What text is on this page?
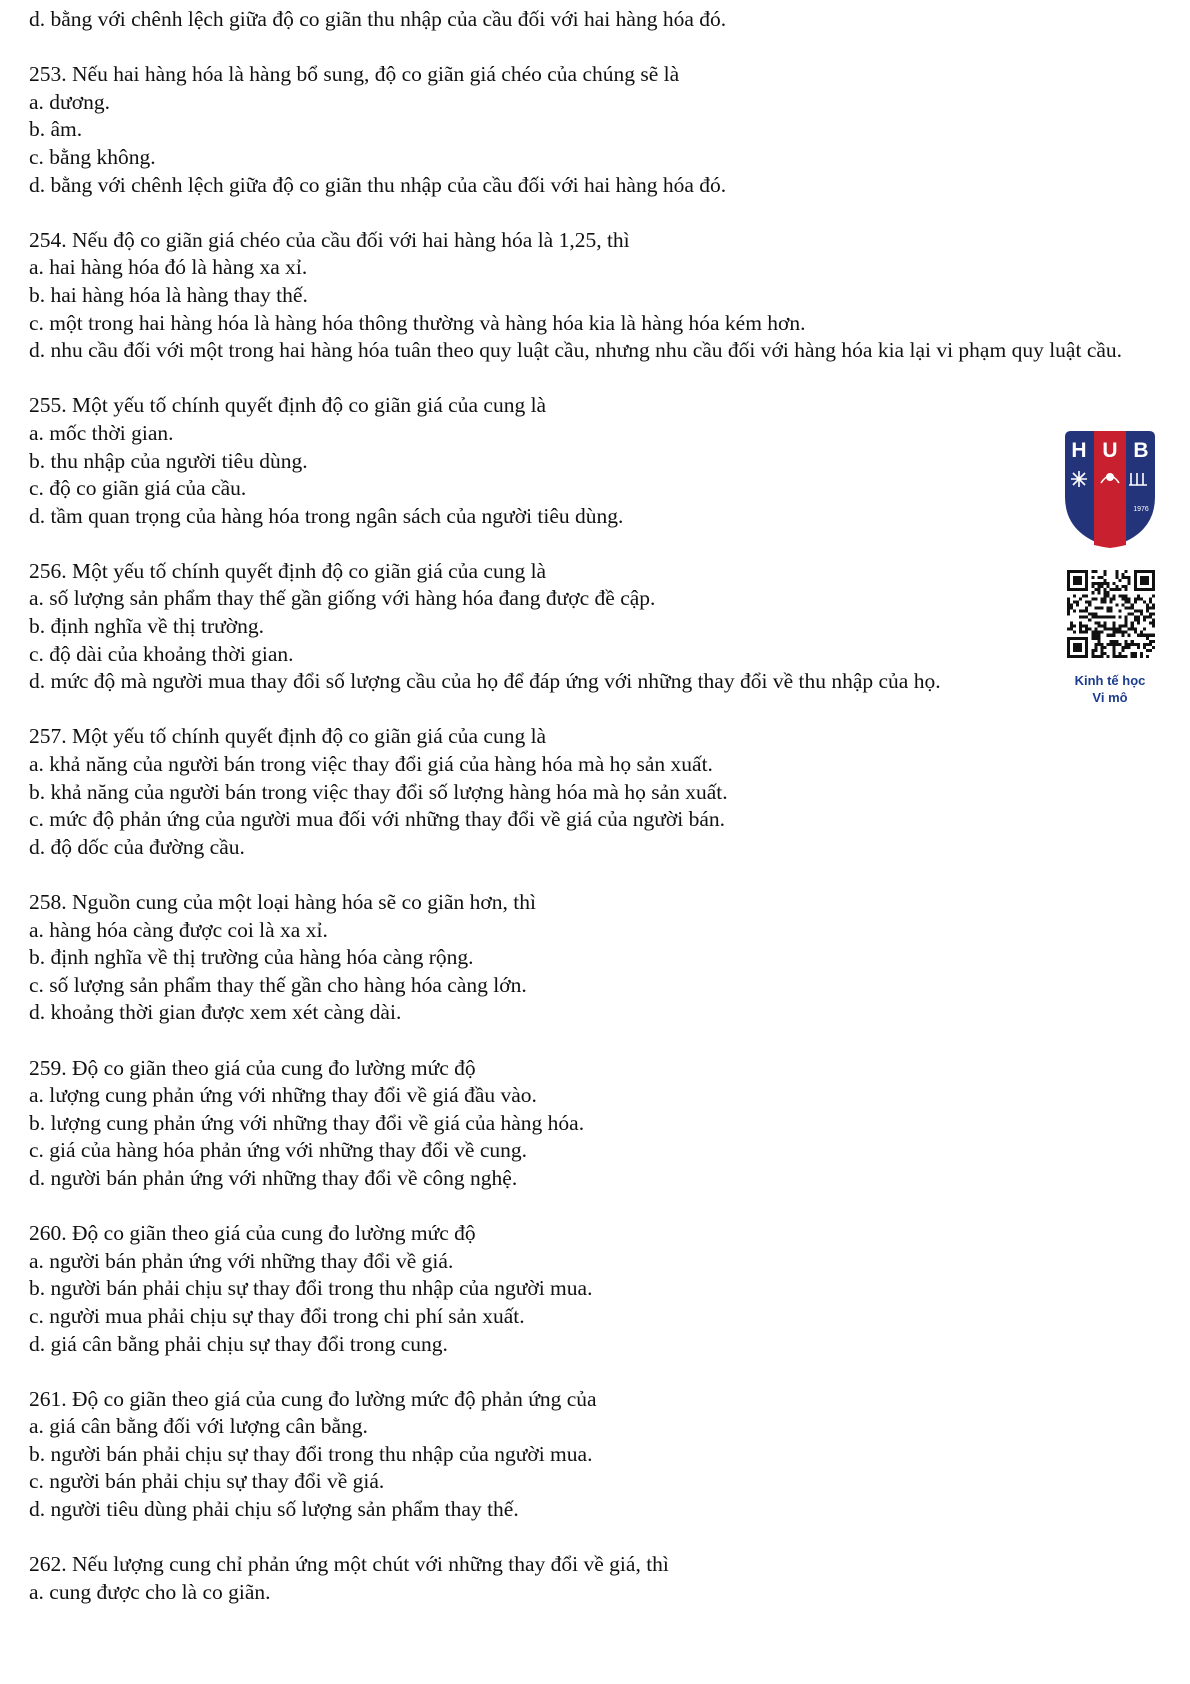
d. bằng với chênh lệch giữa độ co giãn thu nhập của cầu đối với hai hàng hóa đó.

253. Nếu hai hàng hóa là hàng bổ sung, độ co giãn giá chéo của chúng sẽ là

a. dương.

b. âm.

c. bằng không.

d. bằng với chênh lệch giữa độ co giãn thu nhập của cầu đối với hai hàng hóa đó.

254. Nếu độ co giãn giá chéo của cầu đối với hai hàng hóa là 1,25, thì

a. hai hàng hóa đó là hàng xa xỉ.

b. hai hàng hóa là hàng thay thế.

c. một trong hai hàng hóa là hàng hóa thông thường và hàng hóa kia là hàng hóa kém hơn.

d. nhu cầu đối với một trong hai hàng hóa tuân theo quy luật cầu, nhưng nhu cầu đối với hàng hóa kia lại vi phạm quy luật cầu.

255. Một yếu tố chính quyết định độ co giãn giá của cung là

a. mốc thời gian.

b. thu nhập của người tiêu dùng.

c. độ co giãn giá của cầu.

d. tầm quan trọng của hàng hóa trong ngân sách của người tiêu dùng.

256. Một yếu tố chính quyết định độ co giãn giá của cung là

a. số lượng sản phẩm thay thế gần giống với hàng hóa đang được đề cập.

b. định nghĩa về thị trường.

c. độ dài của khoảng thời gian.

d. mức độ mà người mua thay đổi số lượng cầu của họ để đáp ứng với những thay đổi về thu nhập của họ.

257. Một yếu tố chính quyết định độ co giãn giá của cung là

a. khả năng của người bán trong việc thay đổi giá của hàng hóa mà họ sản xuất.

b. khả năng của người bán trong việc thay đổi số lượng hàng hóa mà họ sản xuất.

c. mức độ phản ứng của người mua đối với những thay đổi về giá của người bán.

d. độ dốc của đường cầu.

258. Nguồn cung của một loại hàng hóa sẽ co giãn hơn, thì

a. hàng hóa càng được coi là xa xỉ.

b. định nghĩa về thị trường của hàng hóa càng rộng.

c. số lượng sản phẩm thay thế gần cho hàng hóa càng lớn.

d. khoảng thời gian được xem xét càng dài.

259. Độ co giãn theo giá của cung đo lường mức độ

a. lượng cung phản ứng với những thay đổi về giá đầu vào.

b. lượng cung phản ứng với những thay đổi về giá của hàng hóa.

c. giá của hàng hóa phản ứng với những thay đổi về cung.

d. người bán phản ứng với những thay đổi về công nghệ.

260. Độ co giãn theo giá của cung đo lường mức độ

a. người bán phản ứng với những thay đổi về giá.

b. người bán phải chịu sự thay đổi trong thu nhập của người mua.

c. người mua phải chịu sự thay đổi trong chi phí sản xuất.

d. giá cân bằng phải chịu sự thay đổi trong cung.

261. Độ co giãn theo giá của cung đo lường mức độ phản ứng của

a. giá cân bằng đối với lượng cân bằng.

b. người bán phải chịu sự thay đổi trong thu nhập của người mua.

c. người bán phải chịu sự thay đổi về giá.

d. người tiêu dùng phải chịu số lượng sản phẩm thay thế.

262. Nếu lượng cung chỉ phản ứng một chút với những thay đổi về giá, thì

a. cung được cho là co giãn.

H U B
1976
Kinh tế học
Vi mô
